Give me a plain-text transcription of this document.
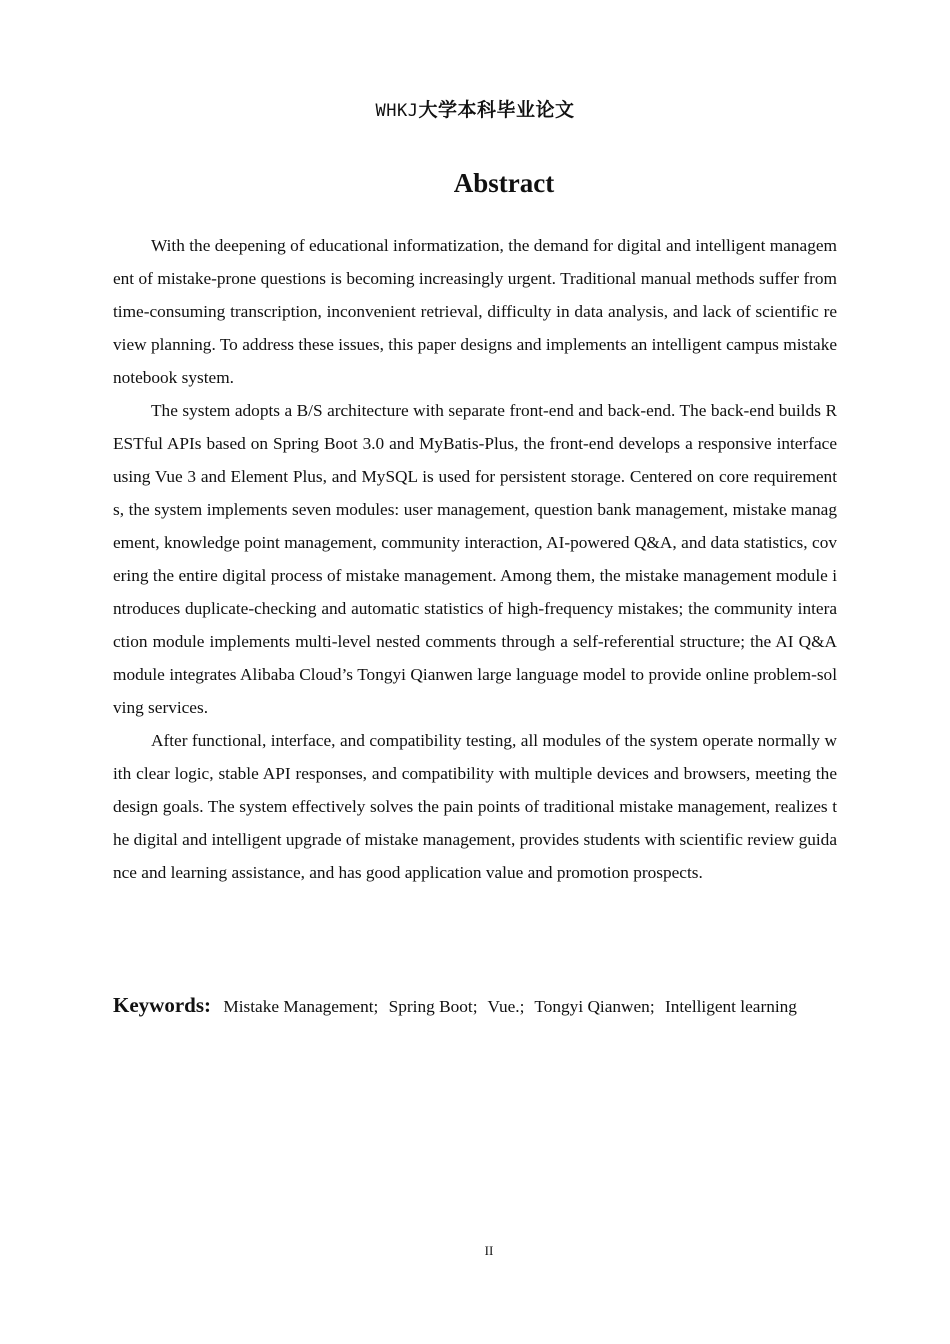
WHKJ大学本科毕业论文
Abstract

With the deepening of educational informatization, the demand for digital and intelligent management of mistake-prone questions is becoming increasingly urgent. Traditional manual methods suffer from time-consuming transcription, inconvenient retrieval, difficulty in data analysis, and lack of scientific review planning. To address these issues, this paper designs and implements an intelligent campus mistake notebook system.

The system adopts a B/S architecture with separate front-end and back-end. The back-end builds RESTful APIs based on Spring Boot 3.0 and MyBatis-Plus, the front-end develops a responsive interface using Vue 3 and Element Plus, and MySQL is used for persistent storage. Centered on core requirements, the system implements seven modules: user management, question bank management, mistake management, knowledge point management, community interaction, AI-powered Q&A, and data statistics, covering the entire digital process of mistake management. Among them, the mistake management module introduces duplicate-checking and automatic statistics of high-frequency mistakes; the community interaction module implements multi-level nested comments through a self-referential structure; the AI Q&A module integrates Alibaba Cloud’s Tongyi Qianwen large language model to provide online problem-solving services.

After functional, interface, and compatibility testing, all modules of the system operate normally with clear logic, stable API responses, and compatibility with multiple devices and browsers, meeting the design goals. The system effectively solves the pain points of traditional mistake management, realizes the digital and intelligent upgrade of mistake management, provides students with scientific review guidance and learning assistance, and has good application value and promotion prospects.

Keywords: Mistake Management; Spring Boot; Vue.; Tongyi Qianwen; Intelligent learning
II
